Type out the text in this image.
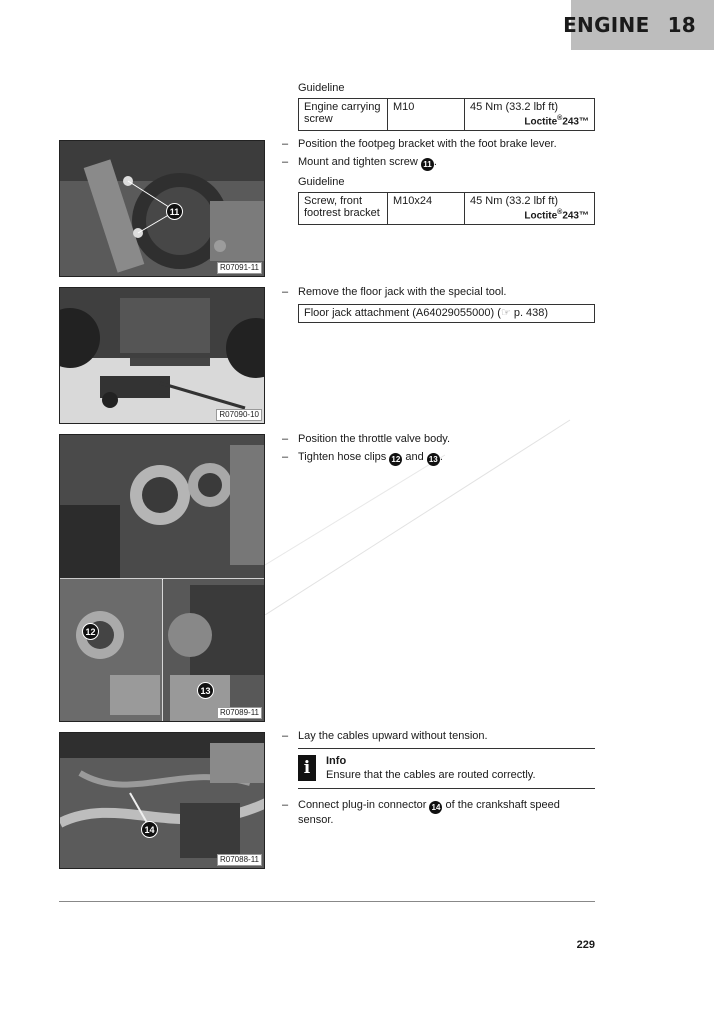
ENGINE 18
11
R07091-11
R07090-10
12
13
R07089-11
14
R07088-11
Guideline
Engine carrying screw	M10	45 Nm (33.2 lbf ft)
Loctite®243™
– Position the footpeg bracket with the foot brake lever.
– Mount and tighten screw 11 .
Guideline
Screw, front footrest bracket	M10x24	45 Nm (33.2 lbf ft)
Loctite®243™
– Remove the floor jack with the special tool.
Floor jack attachment (A64029055000) (☞ p. 438)
– Position the throttle valve body.
– Tighten hose clips 12 and 13 .
– Lay the cables upward without tension.
i	Info
Ensure that the cables are routed correctly.
– Connect plug-in connector 14 of the crankshaft speed sensor.
229
